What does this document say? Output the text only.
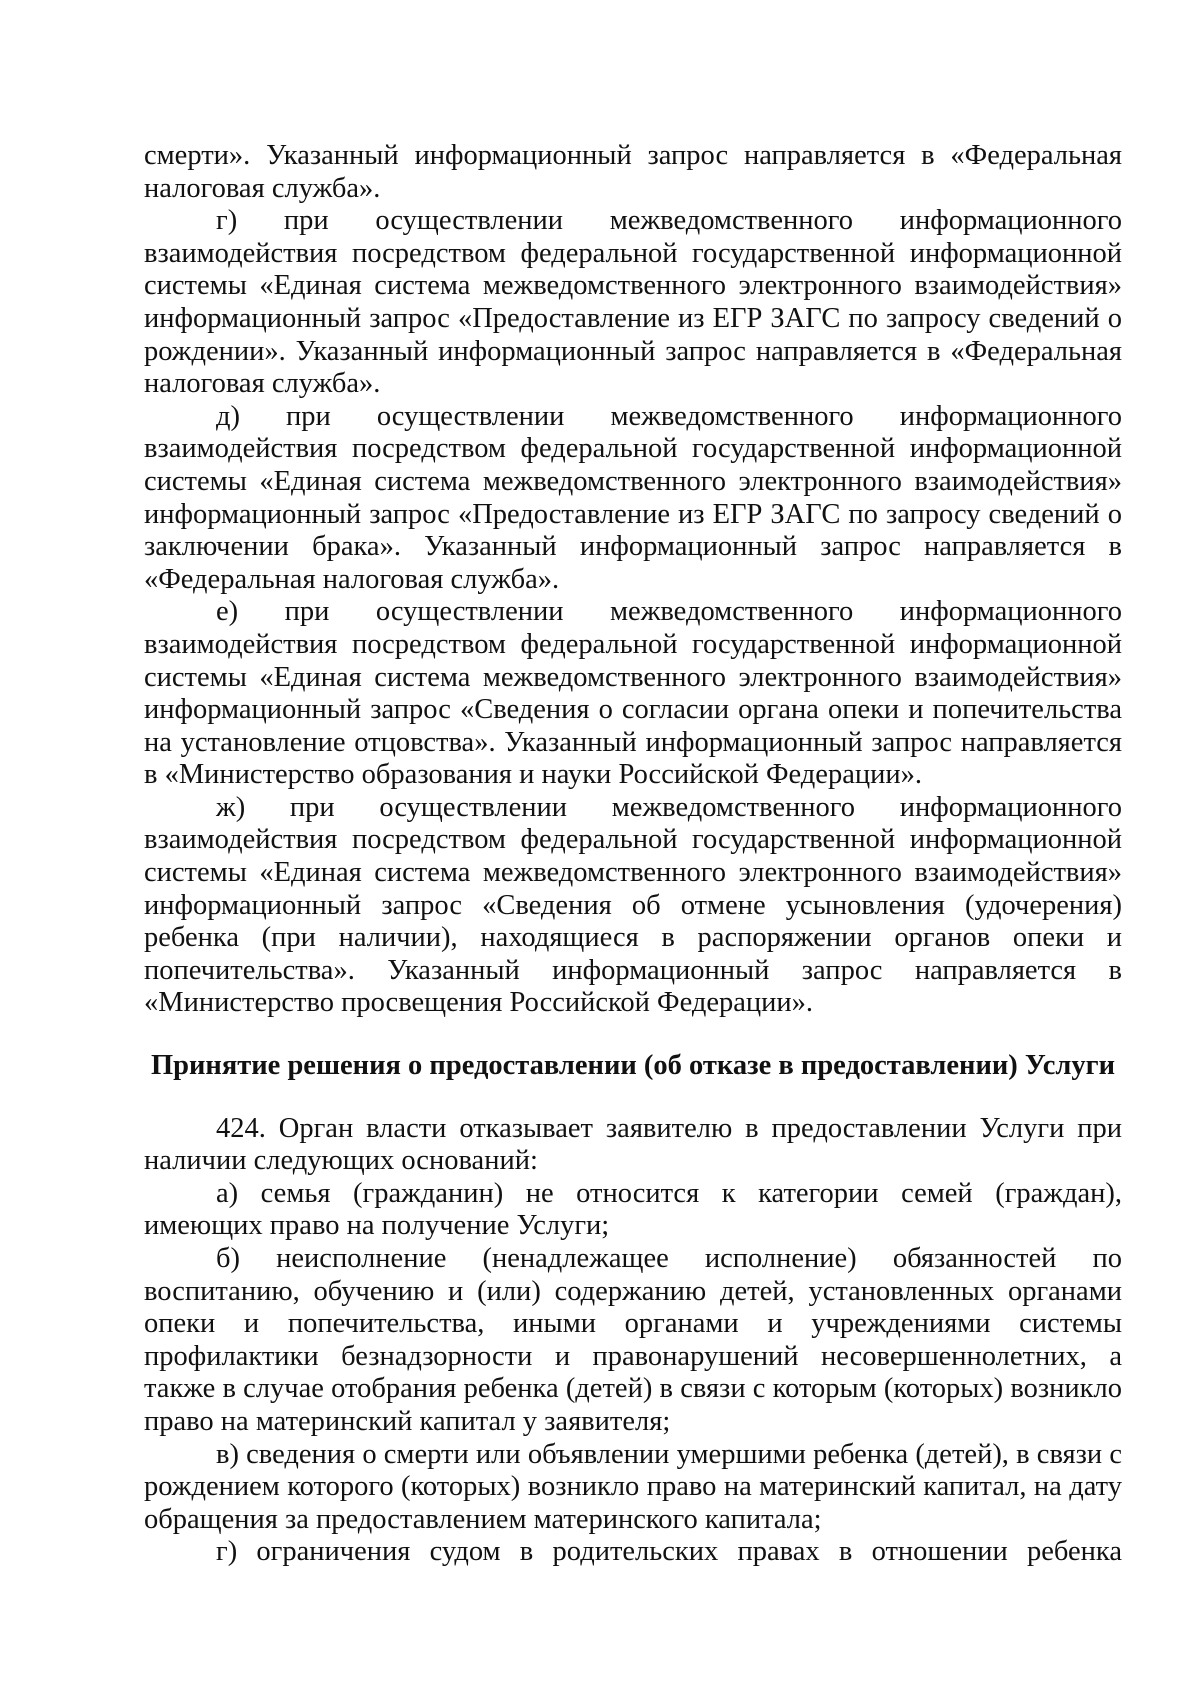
смерти». Указанный информационный запрос направляется в «Федеральная налоговая служба».

г) при осуществлении межведомственного информационного взаимодействия посредством федеральной государственной информационной системы «Единая система межведомственного электронного взаимодействия» информационный запрос «Предоставление из ЕГР ЗАГС по запросу сведений о рождении». Указанный информационный запрос направляется в «Федеральная налоговая служба».

д) при осуществлении межведомственного информационного взаимодействия посредством федеральной государственной информационной системы «Единая система межведомственного электронного взаимодействия» информационный запрос «Предоставление из ЕГР ЗАГС по запросу сведений о заключении брака». Указанный информационный запрос направляется в «Федеральная налоговая служба».

е) при осуществлении межведомственного информационного взаимодействия посредством федеральной государственной информационной системы «Единая система межведомственного электронного взаимодействия» информационный запрос «Сведения о согласии органа опеки и попечительства на установление отцовства». Указанный информационный запрос направляется в «Министерство образования и науки Российской Федерации».

ж) при осуществлении межведомственного информационного взаимодействия посредством федеральной государственной информационной системы «Единая система межведомственного электронного взаимодействия» информационный запрос «Сведения об отмене усыновления (удочерения) ребенка (при наличии), находящиеся в распоряжении органов опеки и попечительства». Указанный информационный запрос направляется в «Министерство просвещения Российской Федерации».

Принятие решения о предоставлении (об отказе в предоставлении) Услуги

424. Орган власти отказывает заявителю в предоставлении Услуги при наличии следующих оснований:

а) семья (гражданин) не относится к категории семей (граждан), имеющих право на получение Услуги;

б) неисполнение (ненадлежащее исполнение) обязанностей по воспитанию, обучению и (или) содержанию детей, установленных органами опеки и попечительства, иными органами и учреждениями системы профилактики безнадзорности и правонарушений несовершеннолетних, а также в случае отобрания ребенка (детей) в связи с которым (которых) возникло право на материнский капитал у заявителя;

в) сведения о смерти или объявлении умершими ребенка (детей), в связи с рождением которого (которых) возникло право на материнский капитал, на дату обращения за предоставлением материнского капитала;

г) ограничения судом в родительских правах в отношении ребенка
